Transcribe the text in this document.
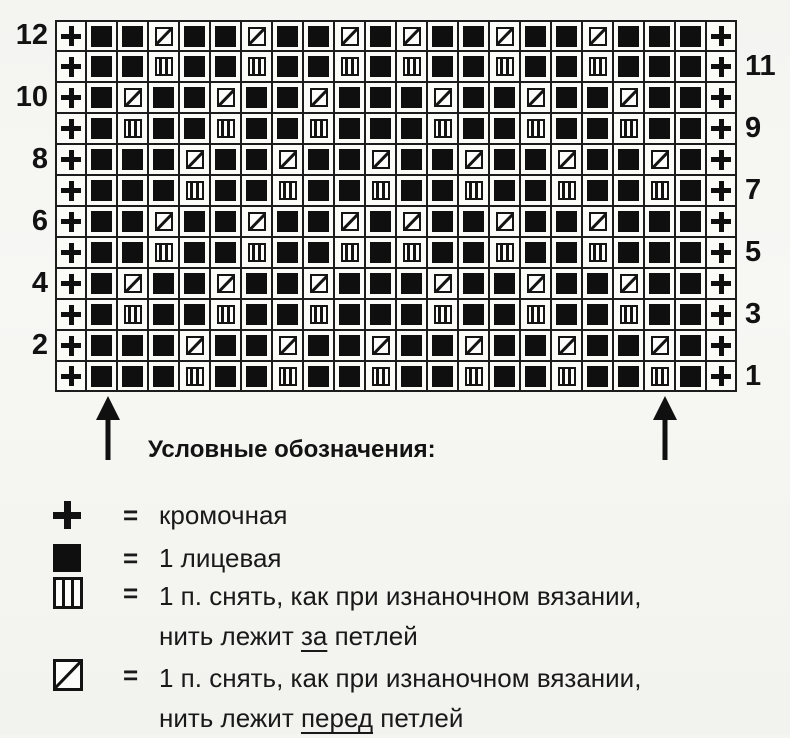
12
11
10
9
8
7
6
5
4
3
2
1
Условные обозначения:
= кромочная
= 1 лицевая
= 1 п. снять, как при изнаночном вязании,
нить лежит за петлей
= 1 п. снять, как при изнаночном вязании,
нить лежит перед петлей
